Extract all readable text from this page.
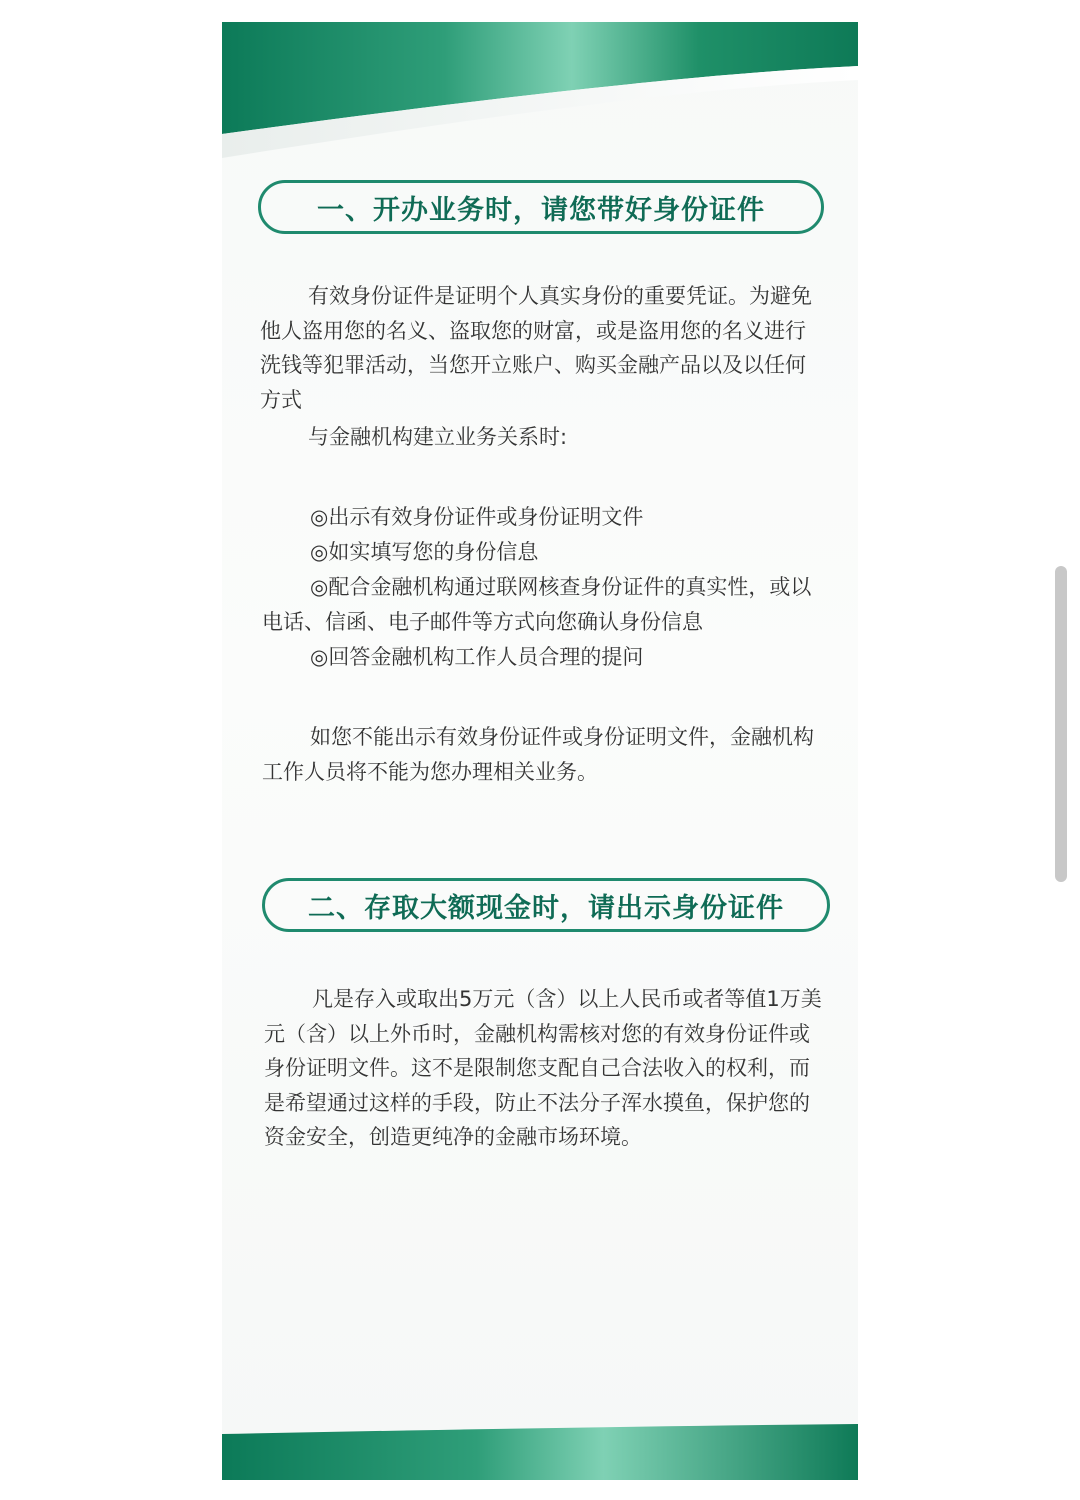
一、开办业务时，请您带好身份证件

有效身份证件是证明个人真实身份的重要凭证。为避免他人盗用您的名义、盗取您的财富，或是盗用您的名义进行洗钱等犯罪活动，当您开立账户、购买金融产品以及以任何方式

与金融机构建立业务关系时:

◎出示有效身份证件或身份证明文件

◎如实填写您的身份信息

◎配合金融机构通过联网核查身份证件的真实性，或以电话、信函、电子邮件等方式向您确认身份信息

◎回答金融机构工作人员合理的提问

如您不能出示有效身份证件或身份证明文件，金融机构工作人员将不能为您办理相关业务。

二、存取大额现金时，请出示身份证件

凡是存入或取出5万元（含）以上人民币或者等值1万美元（含）以上外币时，金融机构需核对您的有效身份证件或身份证明文件。这不是限制您支配自己合法收入的权利，而是希望通过这样的手段，防止不法分子浑水摸鱼，保护您的资金安全，创造更纯净的金融市场环境。
